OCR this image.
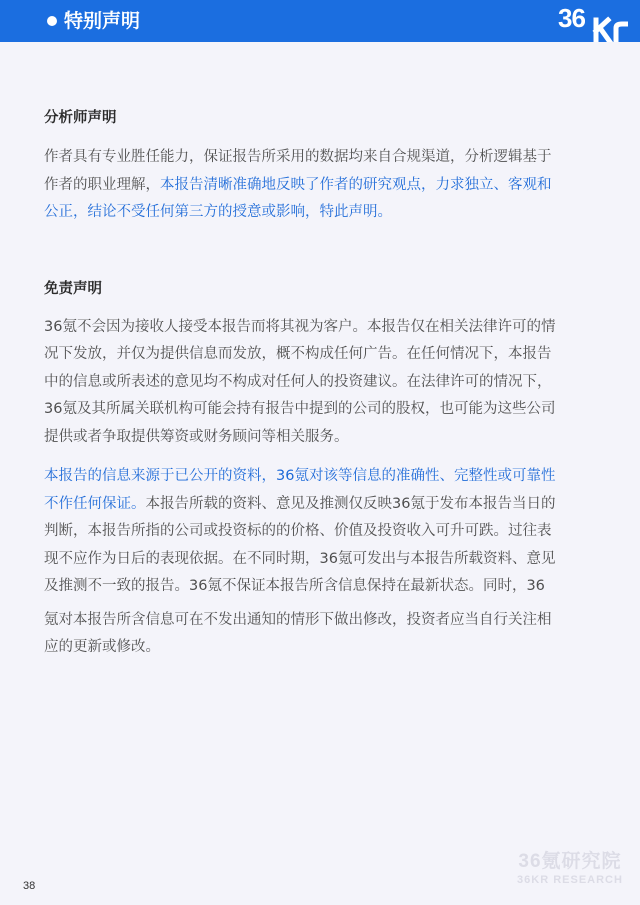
特别声明	36
分析师声明

作者具有专业胜任能力，保证报告所采用的数据均来自合规渠道，分析逻辑基于
作者的职业理解，本报告清晰准确地反映了作者的研究观点，力求独立、客观和
公正，结论不受任何第三方的授意或影响，特此声明。

免责声明

36氪不会因为接收人接受本报告而将其视为客户。本报告仅在相关法律许可的情
况下发放，并仅为提供信息而发放，概不构成任何广告。在任何情况下，本报告
中的信息或所表述的意见均不构成对任何人的投资建议。在法律许可的情况下，
36氪及其所属关联机构可能会持有报告中提到的公司的股权，也可能为这些公司
提供或者争取提供筹资或财务顾问等相关服务。

本报告的信息来源于已公开的资料，36氪对该等信息的准确性、完整性或可靠性
不作任何保证。本报告所载的资料、意见及推测仅反映36氪于发布本报告当日的
判断，本报告所指的公司或投资标的的价格、价值及投资收入可升可跌。过往表
现不应作为日后的表现依据。在不同时期，36氪可发出与本报告所载资料、意见
及推测不一致的报告。36氪不保证本报告所含信息保持在最新状态。同时，36

氪对本报告所含信息可在不发出通知的情形下做出修改，投资者应当自行关注相
应的更新或修改。

36氪研究院
36KR RESEARCH
38
